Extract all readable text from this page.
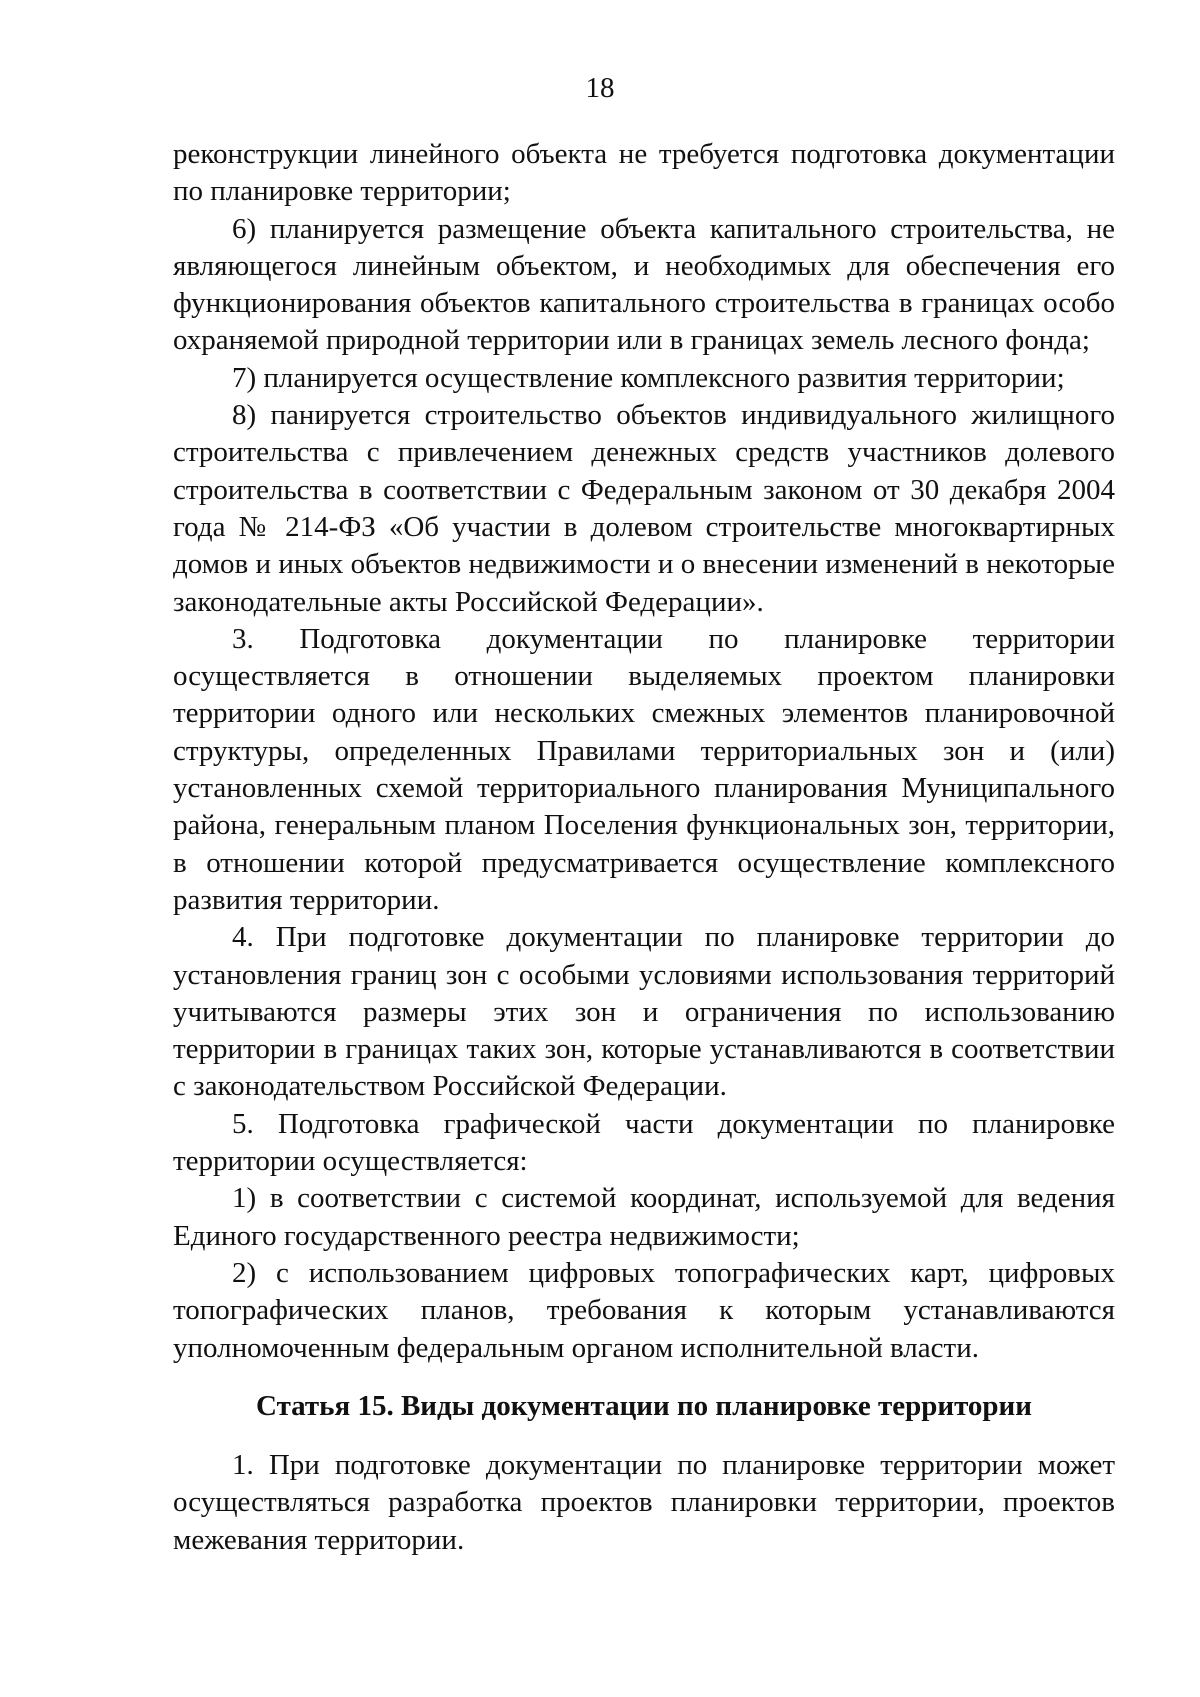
18

реконструкции линейного объекта не требуется подготовка документации по планировке территории;

6) планируется размещение объекта капитального строительства, не являющегося линейным объектом, и необходимых для обеспечения его функционирования объектов капитального строительства в границах особо охраняемой природной территории или в границах земель лесного фонда;

7) планируется осуществление комплексного развития территории;

8) панируется строительство объектов индивидуального жилищного строительства с привлечением денежных средств участников долевого строительства в соответствии с Федеральным законом от 30 декабря 2004 года № 214-ФЗ «Об участии в долевом строительстве многоквартирных домов и иных объектов недвижимости и о внесении изменений в некоторые законодательные акты Российской Федерации».

3. Подготовка документации по планировке территории осуществляется в отношении выделяемых проектом планировки территории одного или нескольких смежных элементов планировочной структуры, определенных Правилами территориальных зон и (или) установленных схемой территориального планирования Муниципального района, генеральным планом Поселения функциональных зон, территории, в отношении которой предусматривается осуществление комплексного развития территории.

4. При подготовке документации по планировке территории до установления границ зон с особыми условиями использования территорий учитываются размеры этих зон и ограничения по использованию территории в границах таких зон, которые устанавливаются в соответствии с законодательством Российской Федерации.

5. Подготовка графической части документации по планировке территории осуществляется:

1) в соответствии с системой координат, используемой для ведения Единого государственного реестра недвижимости;

2) с использованием цифровых топографических карт, цифровых топографических планов, требования к которым устанавливаются уполномоченным федеральным органом исполнительной власти.

Статья 15. Виды документации по планировке территории

1. При подготовке документации по планировке территории может осуществляться разработка проектов планировки территории, проектов межевания территории.
